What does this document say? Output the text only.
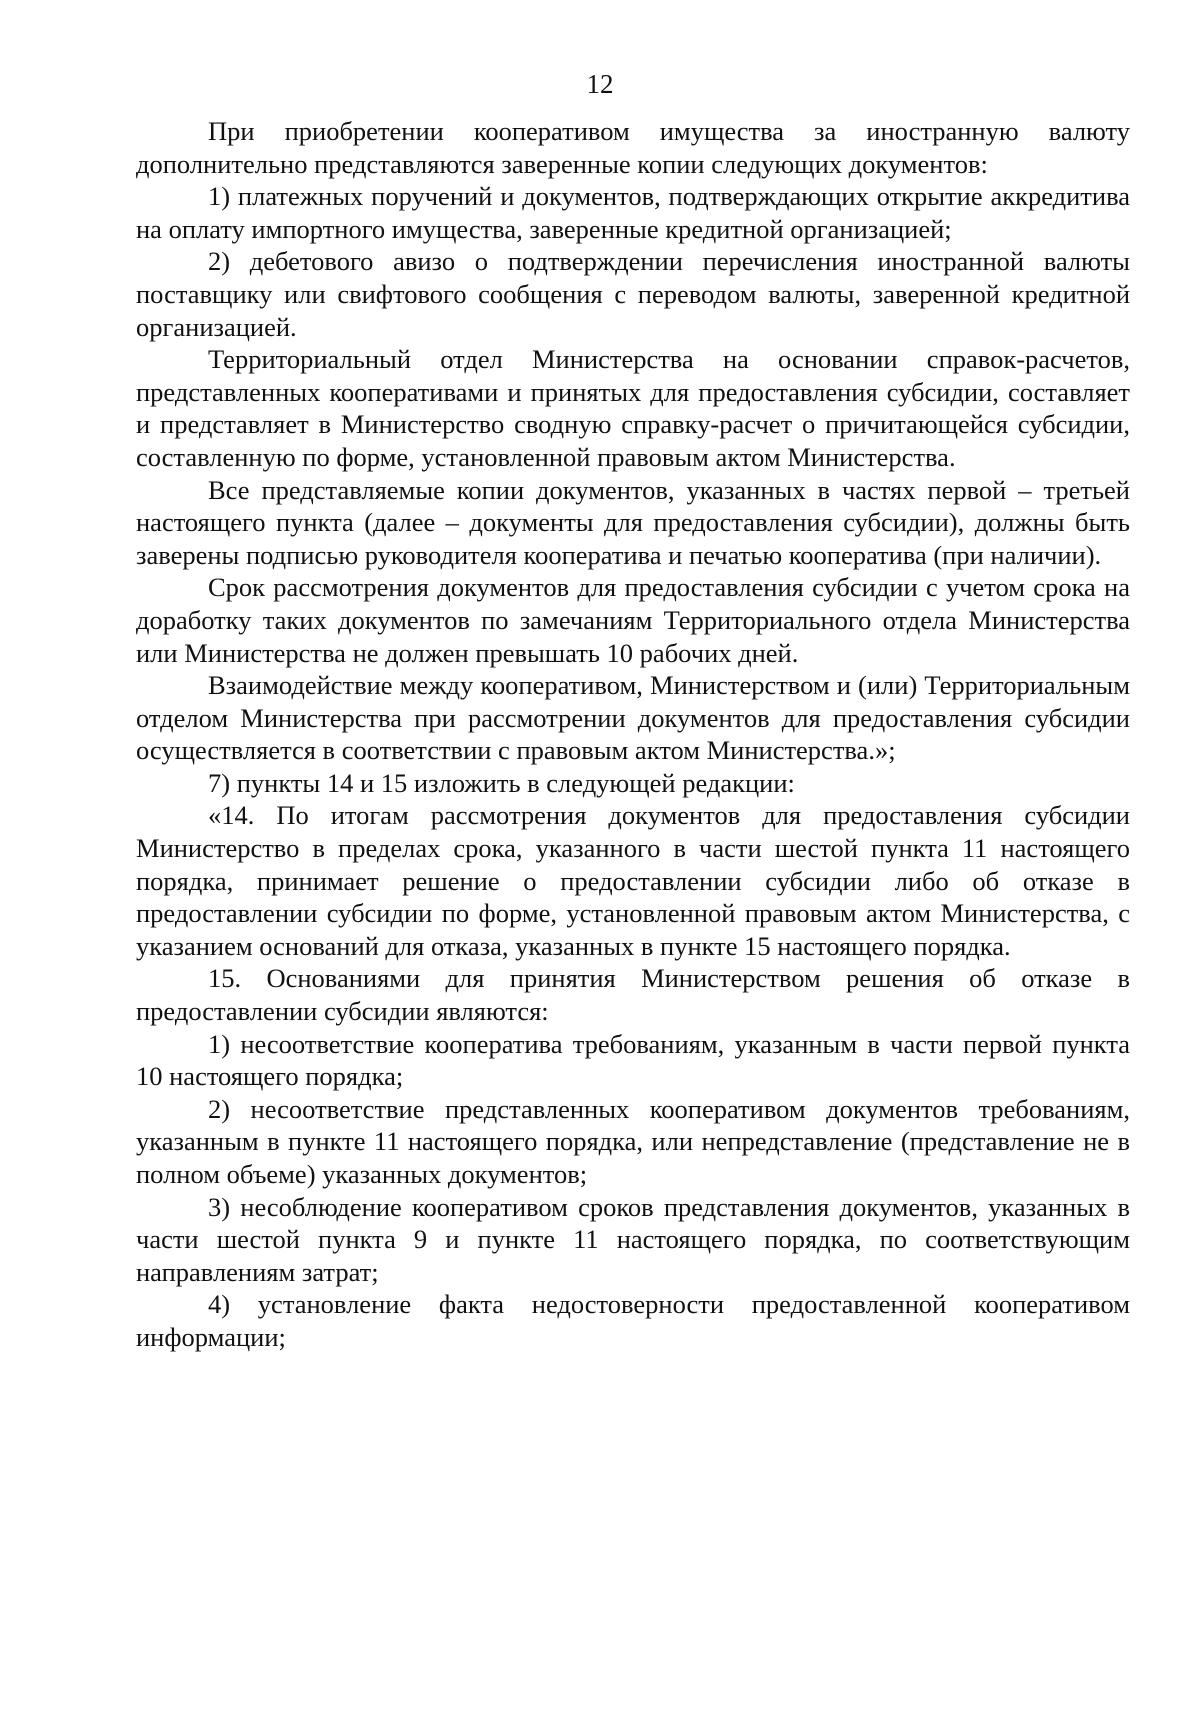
12

При приобретении кооперативом имущества за иностранную валюту дополнительно представляются заверенные копии следующих документов:

1) платежных поручений и документов, подтверждающих открытие аккредитива на оплату импортного имущества, заверенные кредитной организацией;

2) дебетового авизо о подтверждении перечисления иностранной валюты поставщику или свифтового сообщения с переводом валюты, заверенной кредитной организацией.

Территориальный отдел Министерства на основании справок-расчетов, представленных кооперативами и принятых для предоставления субсидии, составляет и представляет в Министерство сводную справку-расчет о причитающейся субсидии, составленную по форме, установленной правовым актом Министерства.

Все представляемые копии документов, указанных в частях первой – третьей настоящего пункта (далее – документы для предоставления субсидии), должны быть заверены подписью руководителя кооператива и печатью кооператива (при наличии).

Срок рассмотрения документов для предоставления субсидии с учетом срока на доработку таких документов по замечаниям Территориального отдела Министерства или Министерства не должен превышать 10 рабочих дней.

Взаимодействие между кооперативом, Министерством и (или) Территориальным отделом Министерства при рассмотрении документов для предоставления субсидии осуществляется в соответствии с правовым актом Министерства.»;

7) пункты 14 и 15 изложить в следующей редакции:

«14. По итогам рассмотрения документов для предоставления субсидии Министерство в пределах срока, указанного в части шестой пункта 11 настоящего порядка, принимает решение о предоставлении субсидии либо об отказе в предоставлении субсидии по форме, установленной правовым актом Министерства, с указанием оснований для отказа, указанных в пункте 15 настоящего порядка.

15. Основаниями для принятия Министерством решения об отказе в предоставлении субсидии являются:

1) несоответствие кооператива требованиям, указанным в части первой пункта 10 настоящего порядка;

2) несоответствие представленных кооперативом документов требованиям, указанным в пункте 11 настоящего порядка, или непредставление (представление не в полном объеме) указанных документов;

3) несоблюдение кооперативом сроков представления документов, указанных в части шестой пункта 9 и пункте 11 настоящего порядка, по соответствующим направлениям затрат;

4) установление факта недостоверности предоставленной кооперативом информации;
